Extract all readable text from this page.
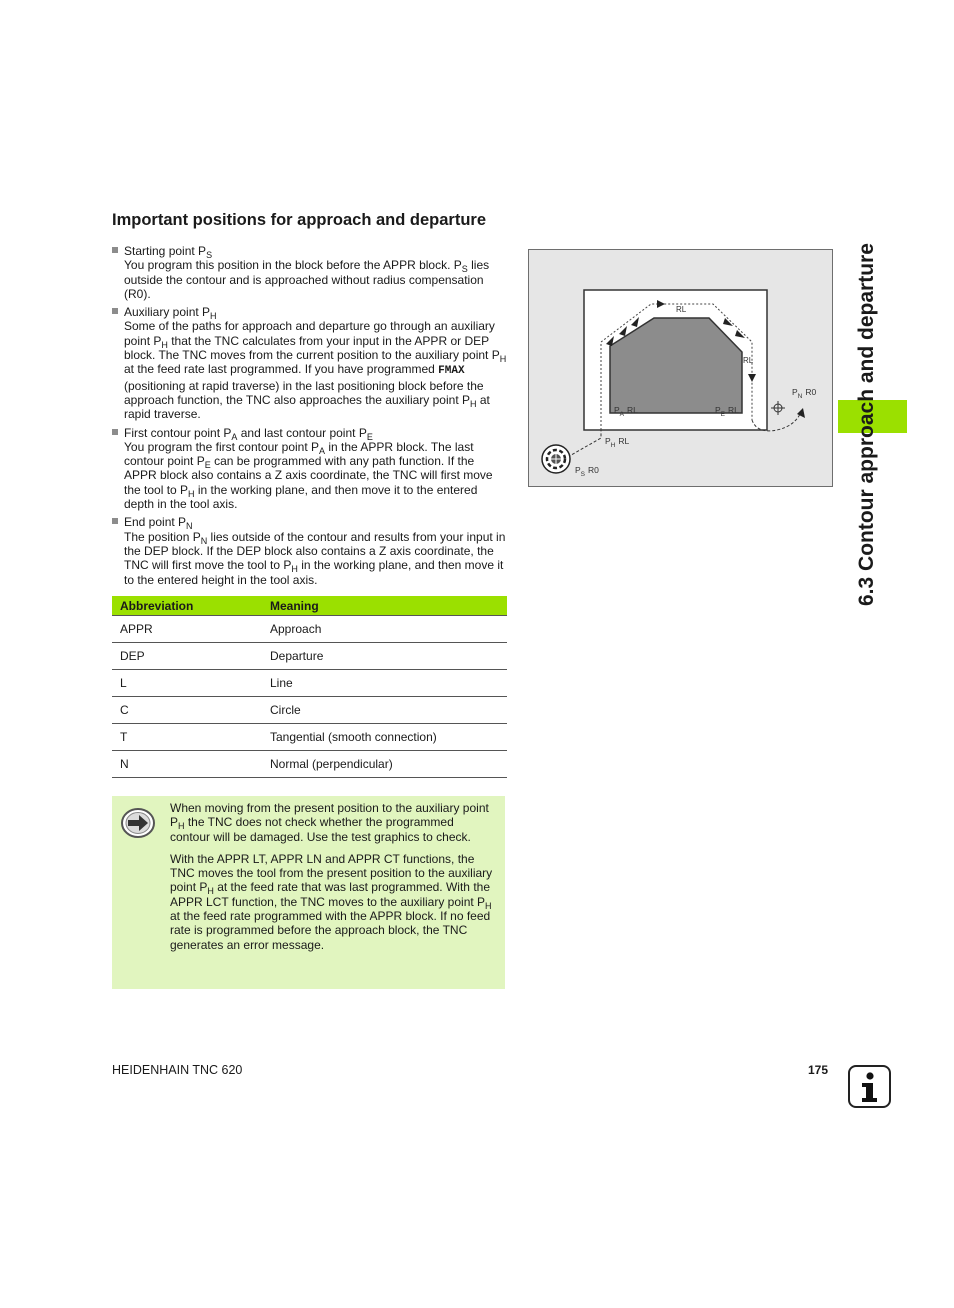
Important positions for approach and departure

Starting point $P_S$

You program this position in the block before the APPR block. $P_S$ lies outside the contour and is approached without radius compensation (R0).

Auxiliary point $P_H$

Some of the paths for approach and departure go through an auxiliary point $P_H$ that the TNC calculates from your input in the APPR or DEP block. The TNC moves from the current position to the auxiliary point $P_H$ at the feed rate last programmed. If you have programmed FMAX (positioning at rapid traverse) in the last positioning block before the approach function, the TNC also approaches the auxiliary point $P_H$ at rapid traverse.

First contour point $P_A$ and last contour point $P_E$

You program the first contour point $P_A$ in the APPR block. The last contour point $P_E$ can be programmed with any path function. If the APPR block also contains a Z axis coordinate, the TNC will first move the tool to $P_H$ in the working plane, and then move it to the entered depth in the tool axis.

End point $P_N$

The position $P_N$ lies outside of the contour and results from your input in the DEP block. If the DEP block also contains a Z axis coordinate, the TNC will first move the tool to $P_H$ in the working plane, and then move it to the entered height in the tool axis.

Abbreviation	Meaning
APPR	Approach
DEP	Departure
L	Line
C	Circle
T	Tangential (smooth connection)
N	Normal (perpendicular)

When moving from the present position to the auxiliary point $P_H$ the TNC does not check whether the programmed contour will be damaged. Use the test graphics to check.

With the APPR LT, APPR LN and APPR CT functions, the TNC moves the tool from the present position to the auxiliary point $P_H$ at the feed rate that was last programmed. With the APPR LCT function, the TNC moves to the auxiliary point $P_H$ at the feed rate programmed with the APPR block. If no feed rate is programmed before the approach block, the TNC generates an error message.

RL
RL
$P_A$ RL	$P_E$ RL
$P_N$ R0
$P_H$ RL
$P_S$ R0	6.3 Contour approach and departure
HEIDENHAIN TNC 620	175
